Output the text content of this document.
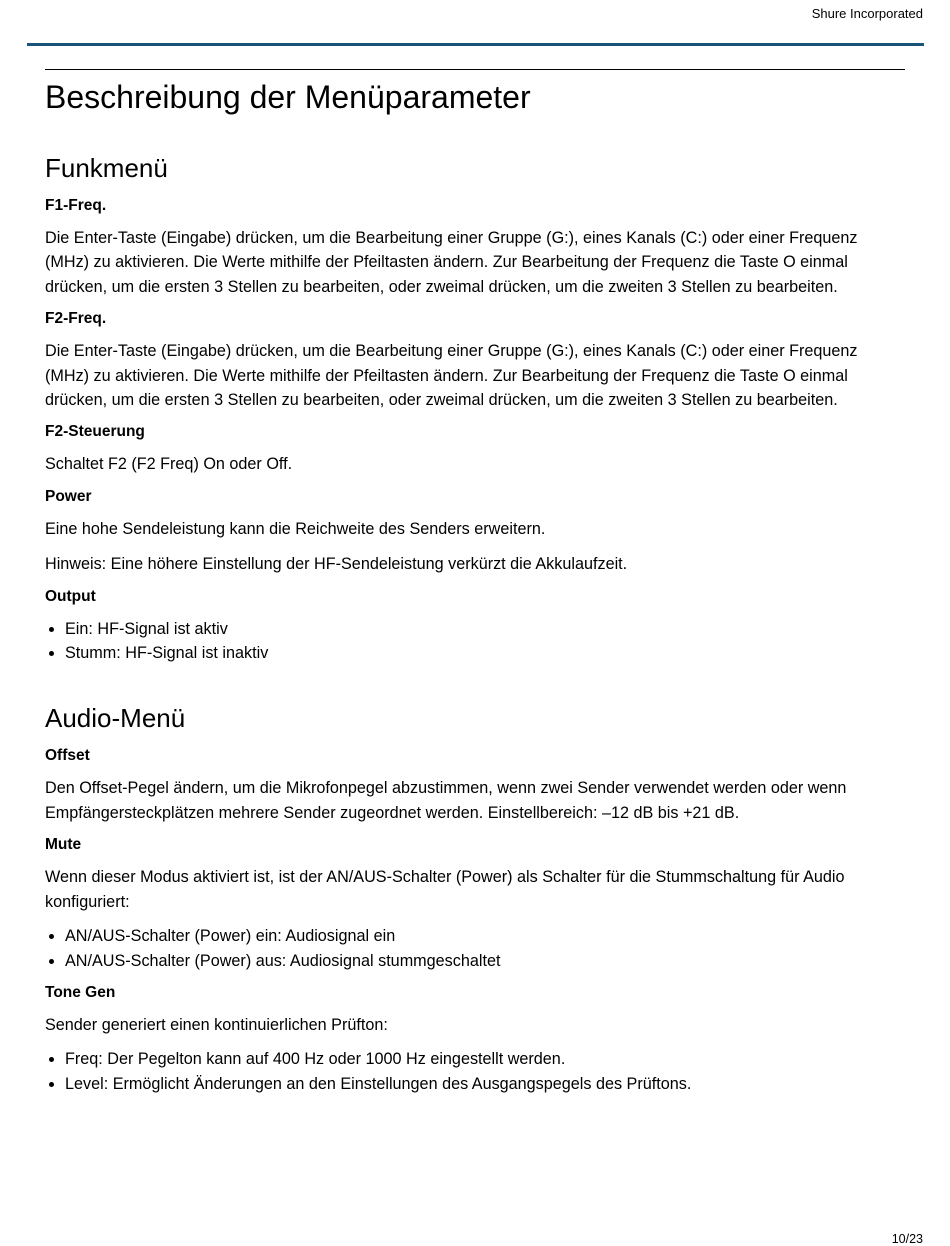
Shure Incorporated
Beschreibung der Menüparameter
Funkmenü
F1-Freq.

Die Enter-Taste (Eingabe) drücken, um die Bearbeitung einer Gruppe (G:), eines Kanals (C:) oder einer Frequenz (MHz) zu aktivieren. Die Werte mithilfe der Pfeiltasten ändern. Zur Bearbeitung der Frequenz die Taste O einmal drücken, um die ersten 3 Stellen zu bearbeiten, oder zweimal drücken, um die zweiten 3 Stellen zu bearbeiten.

F2-Freq.

Die Enter-Taste (Eingabe) drücken, um die Bearbeitung einer Gruppe (G:), eines Kanals (C:) oder einer Frequenz (MHz) zu aktivieren. Die Werte mithilfe der Pfeiltasten ändern. Zur Bearbeitung der Frequenz die Taste O einmal drücken, um die ersten 3 Stellen zu bearbeiten, oder zweimal drücken, um die zweiten 3 Stellen zu bearbeiten.

F2-Steuerung

Schaltet F2 (F2 Freq) On oder Off.

Power

Eine hohe Sendeleistung kann die Reichweite des Senders erweitern.

Hinweis: Eine höhere Einstellung der HF-Sendeleistung verkürzt die Akkulaufzeit.

Output
• Ein: HF-Signal ist aktiv
• Stumm: HF-Signal ist inaktiv
Audio-Menü
Offset

Den Offset-Pegel ändern, um die Mikrofonpegel abzustimmen, wenn zwei Sender verwendet werden oder wenn Empfängersteckplätzen mehrere Sender zugeordnet werden. Einstellbereich: –12 dB bis +21 dB.

Mute

Wenn dieser Modus aktiviert ist, ist der AN/AUS-Schalter (Power) als Schalter für die Stummschaltung für Audio konfiguriert:

• AN/AUS-Schalter (Power) ein: Audiosignal ein
• AN/AUS-Schalter (Power) aus: Audiosignal stummgeschaltet
Tone Gen

Sender generiert einen kontinuierlichen Prüfton:

• Freq: Der Pegelton kann auf 400 Hz oder 1000 Hz eingestellt werden.
• Level: Ermöglicht Änderungen an den Einstellungen des Ausgangspegels des Prüftons.
10/23
